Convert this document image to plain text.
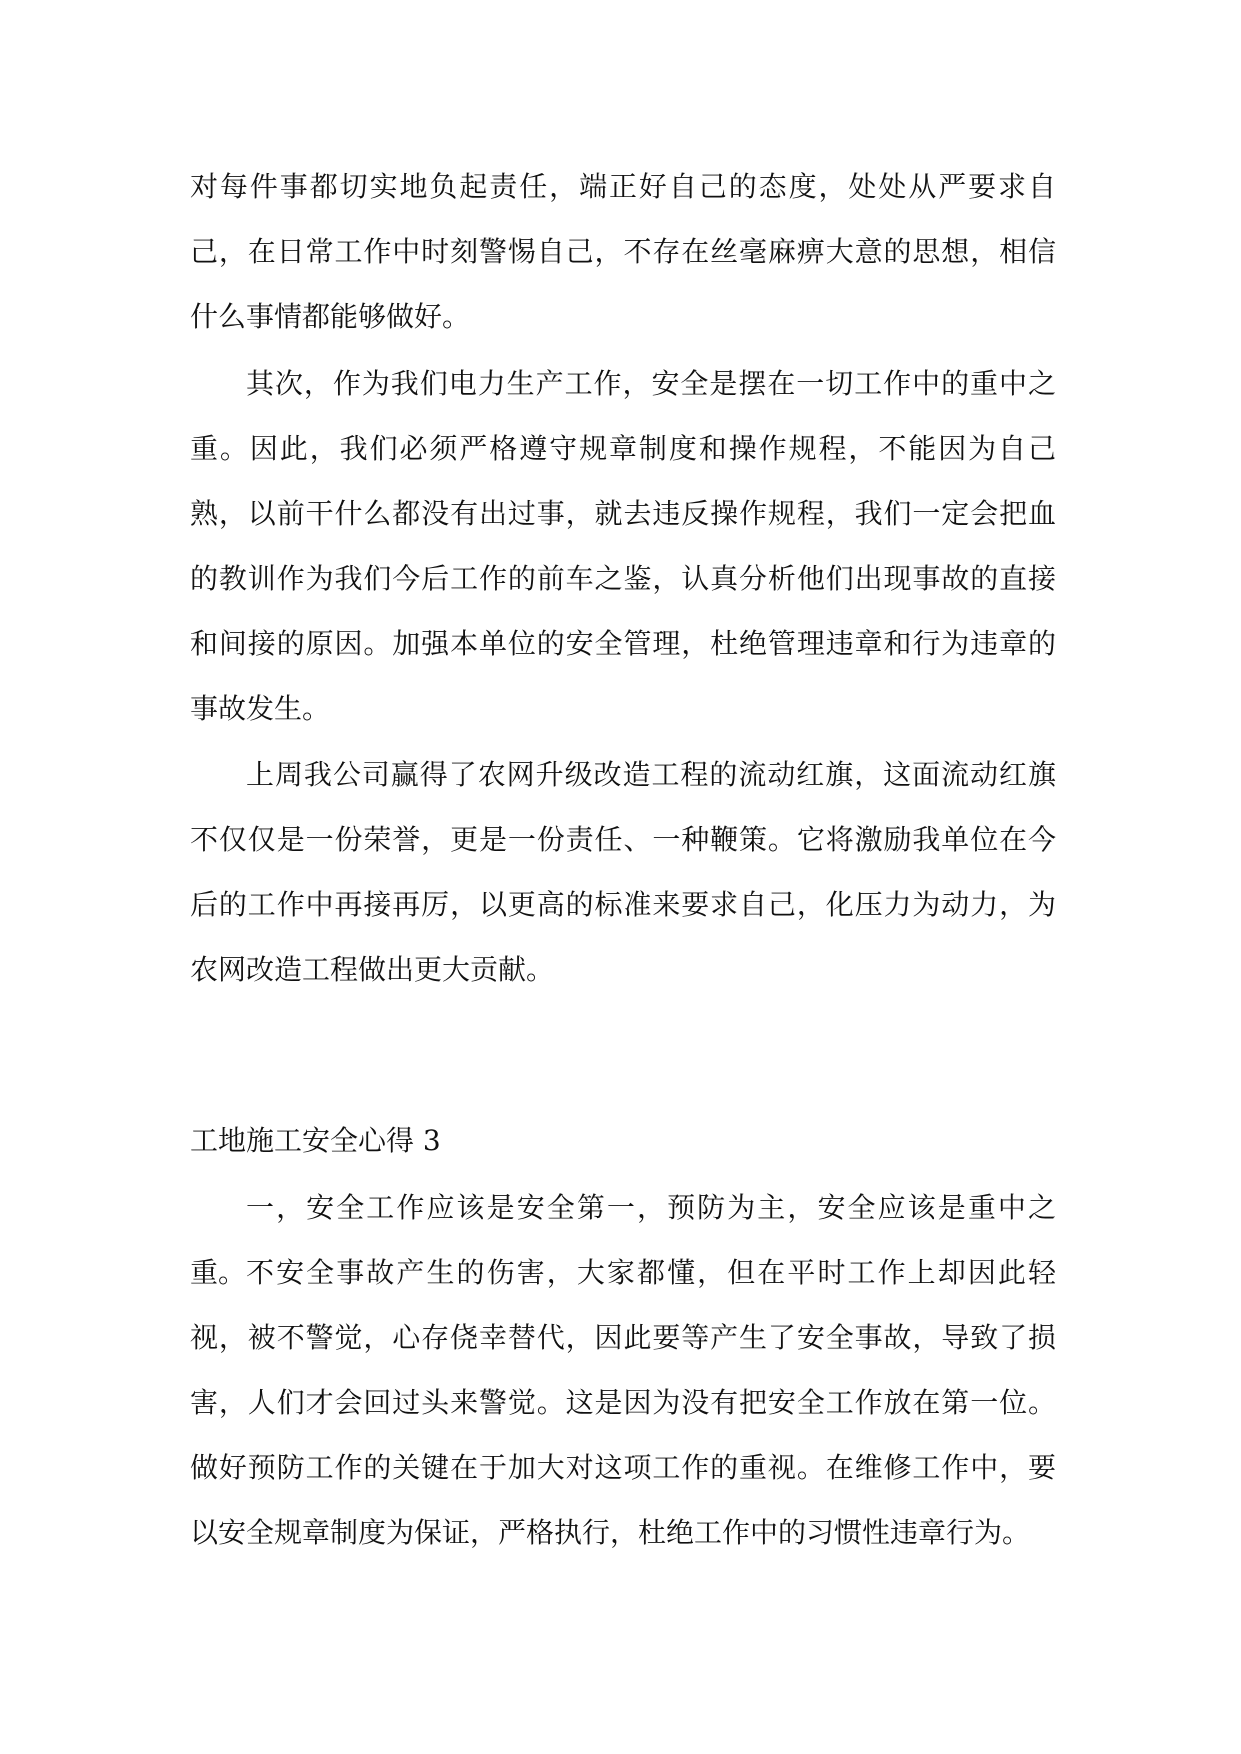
对每件事都切实地负起责任，端正好自己的态度，处处从严要求自己，在日常工作中时刻警惕自己，不存在丝毫麻痹大意的思想，相信什么事情都能够做好。

其次，作为我们电力生产工作，安全是摆在一切工作中的重中之重。因此，我们必须严格遵守规章制度和操作规程，不能因为自己熟，以前干什么都没有出过事，就去违反操作规程，我们一定会把血的教训作为我们今后工作的前车之鉴，认真分析他们出现事故的直接和间接的原因。加强本单位的安全管理，杜绝管理违章和行为违章的事故发生。

上周我公司赢得了农网升级改造工程的流动红旗，这面流动红旗不仅仅是一份荣誉，更是一份责任、一种鞭策。它将激励我单位在今后的工作中再接再厉，以更高的标准来要求自己，化压力为动力，为农网改造工程做出更大贡献。

工地施工安全心得 3

一，安全工作应该是安全第一，预防为主，安全应该是重中之重。 不安全事故产生的伤害，大家都懂，但在平时工作上却因此轻视，被不警觉，心存侥幸替代，因此要等产生了安全事故，导致了损害，人们才会回过头来警觉。这是因为没有把安全工作放在第一位。做好预防工作的关键在于加大对这项工作的重视。在维修工作中，要以安全规章制度为保证，严格执行，杜绝工作中的习惯性违章行为。
